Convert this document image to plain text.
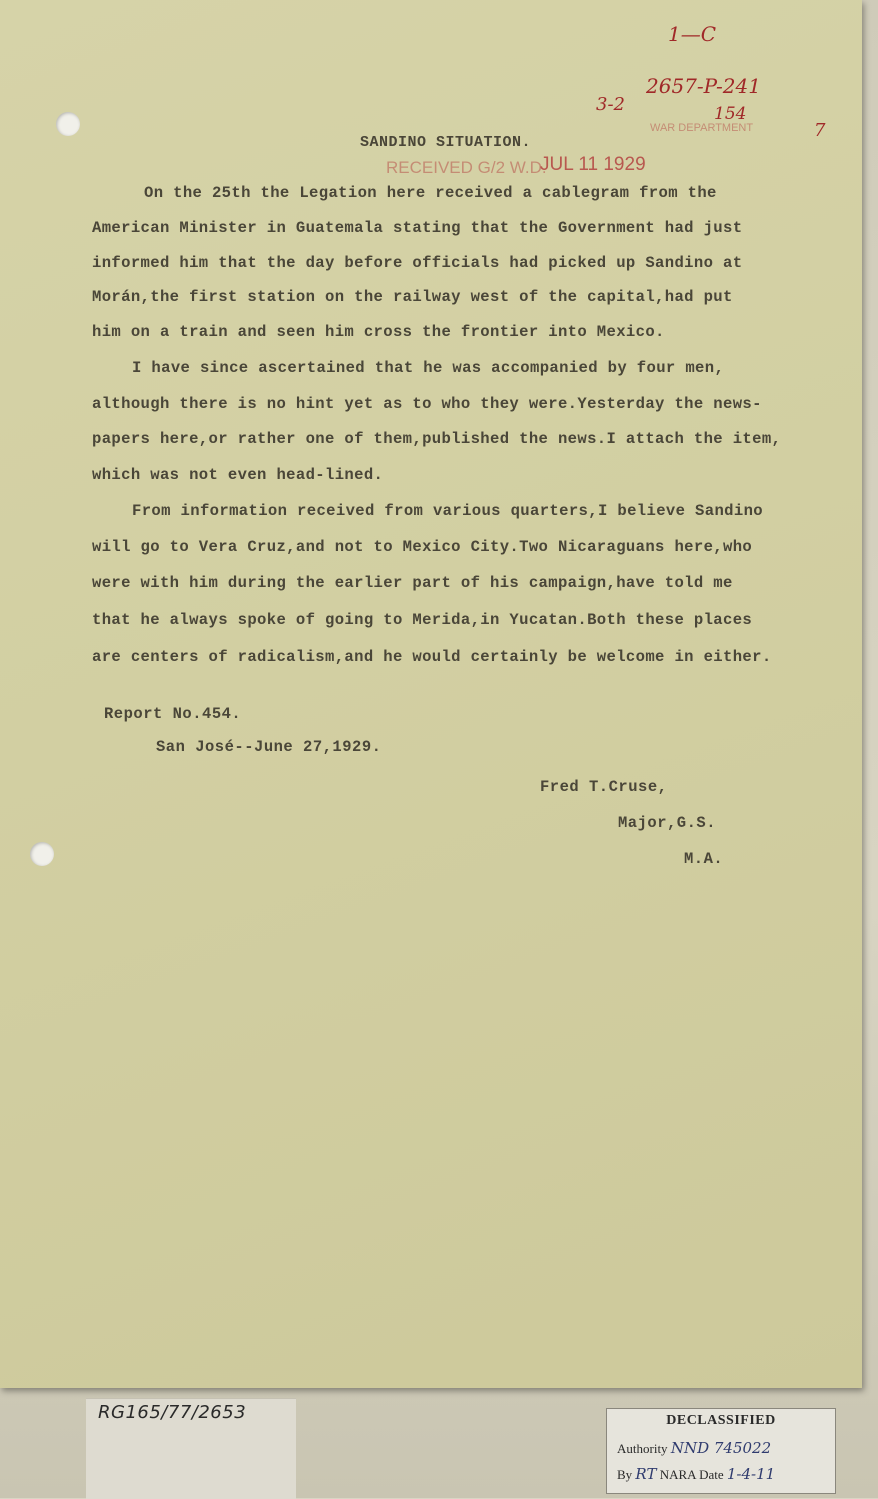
1—C
2657-P-241
3-2	154
7
WAR DEPARTMENT
RECEIVED G/2 W.D.
JUL 11 1929
SANDINO SITUATION.
On the 25th the Legation here received a cablegram from the
American Minister in Guatemala stating that the Government had just
informed him that the day before officials had picked up Sandino at
Morán,the first station on the railway west of the capital,had put
him on a train and seen him cross the frontier into Mexico.
I have since ascertained that he was accompanied by four men,
although there is no hint yet as to who they were.Yesterday the news-
papers here,or rather one of them,published the news.I attach the item,
which was not even head-lined.
From information received from various quarters,I believe Sandino
will go to Vera Cruz,and not to Mexico City.Two Nicaraguans here,who
were with him during the earlier part of his campaign,have told me
that he always spoke of going to Merida,in Yucatan.Both these places
are centers of radicalism,and he would certainly be welcome in either.
Report No.454.
San José--June 27,1929.
Fred T.Cruse,
Major,G.S.
M.A.
RG165/77/2653	DECLASSIFIED
Authority NND 745022
By RT NARA Date 1-4-11
